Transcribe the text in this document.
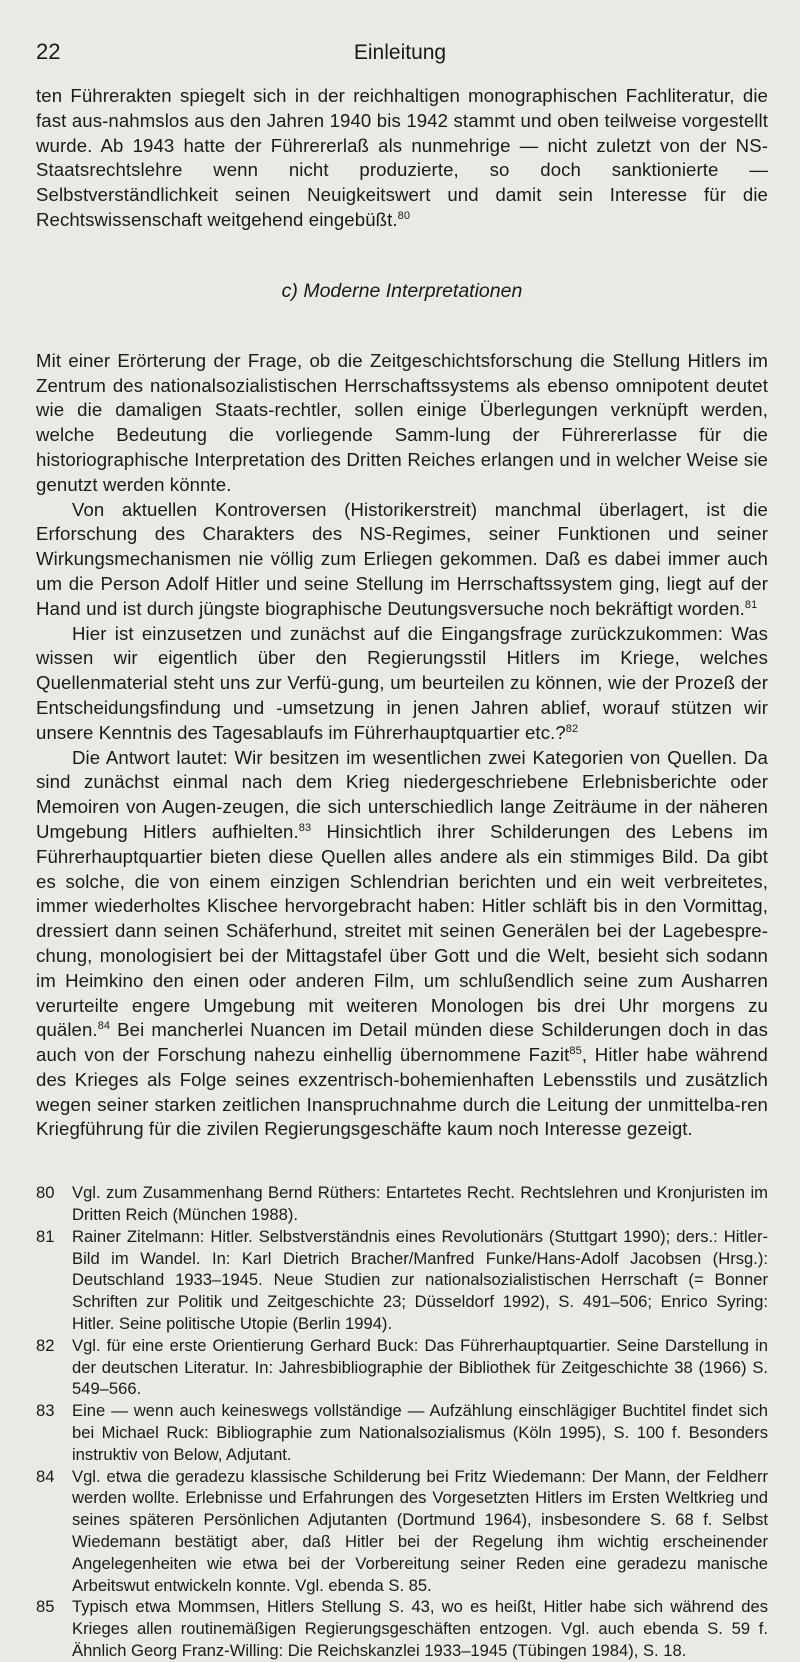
22	Einleitung

ten Führerakten spiegelt sich in der reichhaltigen monographischen Fachliteratur, die fast aus-nahmslos aus den Jahren 1940 bis 1942 stammt und oben teilweise vorgestellt wurde. Ab 1943 hatte der Führererlaß als nunmehrige — nicht zuletzt von der NS-Staatsrechtslehre wenn nicht produzierte, so doch sanktionierte — Selbstverständlichkeit seinen Neuigkeitswert und damit sein Interesse für die Rechtswissenschaft weitgehend eingebüßt.$^{80}$

c) Moderne Interpretationen

Mit einer Erörterung der Frage, ob die Zeitgeschichtsforschung die Stellung Hitlers im Zentrum des nationalsozialistischen Herrschaftssystems als ebenso omnipotent deutet wie die damaligen Staats-rechtler, sollen einige Überlegungen verknüpft werden, welche Bedeutung die vorliegende Samm-lung der Führererlasse für die historiographische Interpretation des Dritten Reiches erlangen und in welcher Weise sie genutzt werden könnte.

Von aktuellen Kontroversen (Historikerstreit) manchmal überlagert, ist die Erforschung des Charakters des NS-Regimes, seiner Funktionen und seiner Wirkungsmechanismen nie völlig zum Erliegen gekommen. Daß es dabei immer auch um die Person Adolf Hitler und seine Stellung im Herrschaftssystem ging, liegt auf der Hand und ist durch jüngste biographische Deutungsversuche noch bekräftigt worden.$^{81}$

Hier ist einzusetzen und zunächst auf die Eingangsfrage zurückzukommen: Was wissen wir eigentlich über den Regierungsstil Hitlers im Kriege, welches Quellenmaterial steht uns zur Verfü-gung, um beurteilen zu können, wie der Prozeß der Entscheidungsfindung und -umsetzung in jenen Jahren ablief, worauf stützen wir unsere Kenntnis des Tagesablaufs im Führerhauptquartier etc.?$^{82}$

Die Antwort lautet: Wir besitzen im wesentlichen zwei Kategorien von Quellen. Da sind zunächst einmal nach dem Krieg niedergeschriebene Erlebnisberichte oder Memoiren von Augen-zeugen, die sich unterschiedlich lange Zeiträume in der näheren Umgebung Hitlers aufhielten.$^{83}$ Hinsichtlich ihrer Schilderungen des Lebens im Führerhauptquartier bieten diese Quellen alles andere als ein stimmiges Bild. Da gibt es solche, die von einem einzigen Schlendrian berichten und ein weit verbreitetes, immer wiederholtes Klischee hervorgebracht haben: Hitler schläft bis in den Vormittag, dressiert dann seinen Schäferhund, streitet mit seinen Generälen bei der Lagebespre-chung, monologisiert bei der Mittagstafel über Gott und die Welt, besieht sich sodann im Heimkino den einen oder anderen Film, um schlußendlich seine zum Ausharren verurteilte engere Umgebung mit weiteren Monologen bis drei Uhr morgens zu quälen.$^{84}$ Bei mancherlei Nuancen im Detail münden diese Schilderungen doch in das auch von der Forschung nahezu einhellig übernommene Fazit$^{85}$, Hitler habe während des Krieges als Folge seines exzentrisch-bohemienhaften Lebensstils und zusätzlich wegen seiner starken zeitlichen Inanspruchnahme durch die Leitung der unmittelba-ren Kriegführung für die zivilen Regierungsgeschäfte kaum noch Interesse gezeigt.

80	Vgl. zum Zusammenhang Bernd Rüthers: Entartetes Recht. Rechtslehren und Kronjuristen im Dritten Reich (München 1988).
81	Rainer Zitelmann: Hitler. Selbstverständnis eines Revolutionärs (Stuttgart 1990); ders.: Hitler-Bild im Wandel. In: Karl Dietrich Bracher/Manfred Funke/Hans-Adolf Jacobsen (Hrsg.): Deutschland 1933–1945. Neue Studien zur nationalsozialistischen Herrschaft (= Bonner Schriften zur Politik und Zeitgeschichte 23; Düsseldorf 1992), S. 491–506; Enrico Syring: Hitler. Seine politische Utopie (Berlin 1994).
82	Vgl. für eine erste Orientierung Gerhard Buck: Das Führerhauptquartier. Seine Darstellung in der deutschen Literatur. In: Jahresbibliographie der Bibliothek für Zeitgeschichte 38 (1966) S. 549–566.
83	Eine — wenn auch keineswegs vollständige — Aufzählung einschlägiger Buchtitel findet sich bei Michael Ruck: Bibliographie zum Nationalsozialismus (Köln 1995), S. 100 f. Besonders instruktiv von Below, Adjutant.
84	Vgl. etwa die geradezu klassische Schilderung bei Fritz Wiedemann: Der Mann, der Feldherr werden wollte. Erlebnisse und Erfahrungen des Vorgesetzten Hitlers im Ersten Weltkrieg und seines späteren Persönlichen Adjutanten (Dortmund 1964), insbesondere S. 68 f. Selbst Wiedemann bestätigt aber, daß Hitler bei der Regelung ihm wichtig erscheinender Angelegenheiten wie etwa bei der Vorbereitung seiner Reden eine geradezu manische Arbeitswut entwickeln konnte. Vgl. ebenda S. 85.
85	Typisch etwa Mommsen, Hitlers Stellung S. 43, wo es heißt, Hitler habe sich während des Krieges allen routinemäßigen Regierungsgeschäften entzogen. Vgl. auch ebenda S. 59 f. Ähnlich Georg Franz-Willing: Die Reichskanzlei 1933–1945 (Tübingen 1984), S. 18.
